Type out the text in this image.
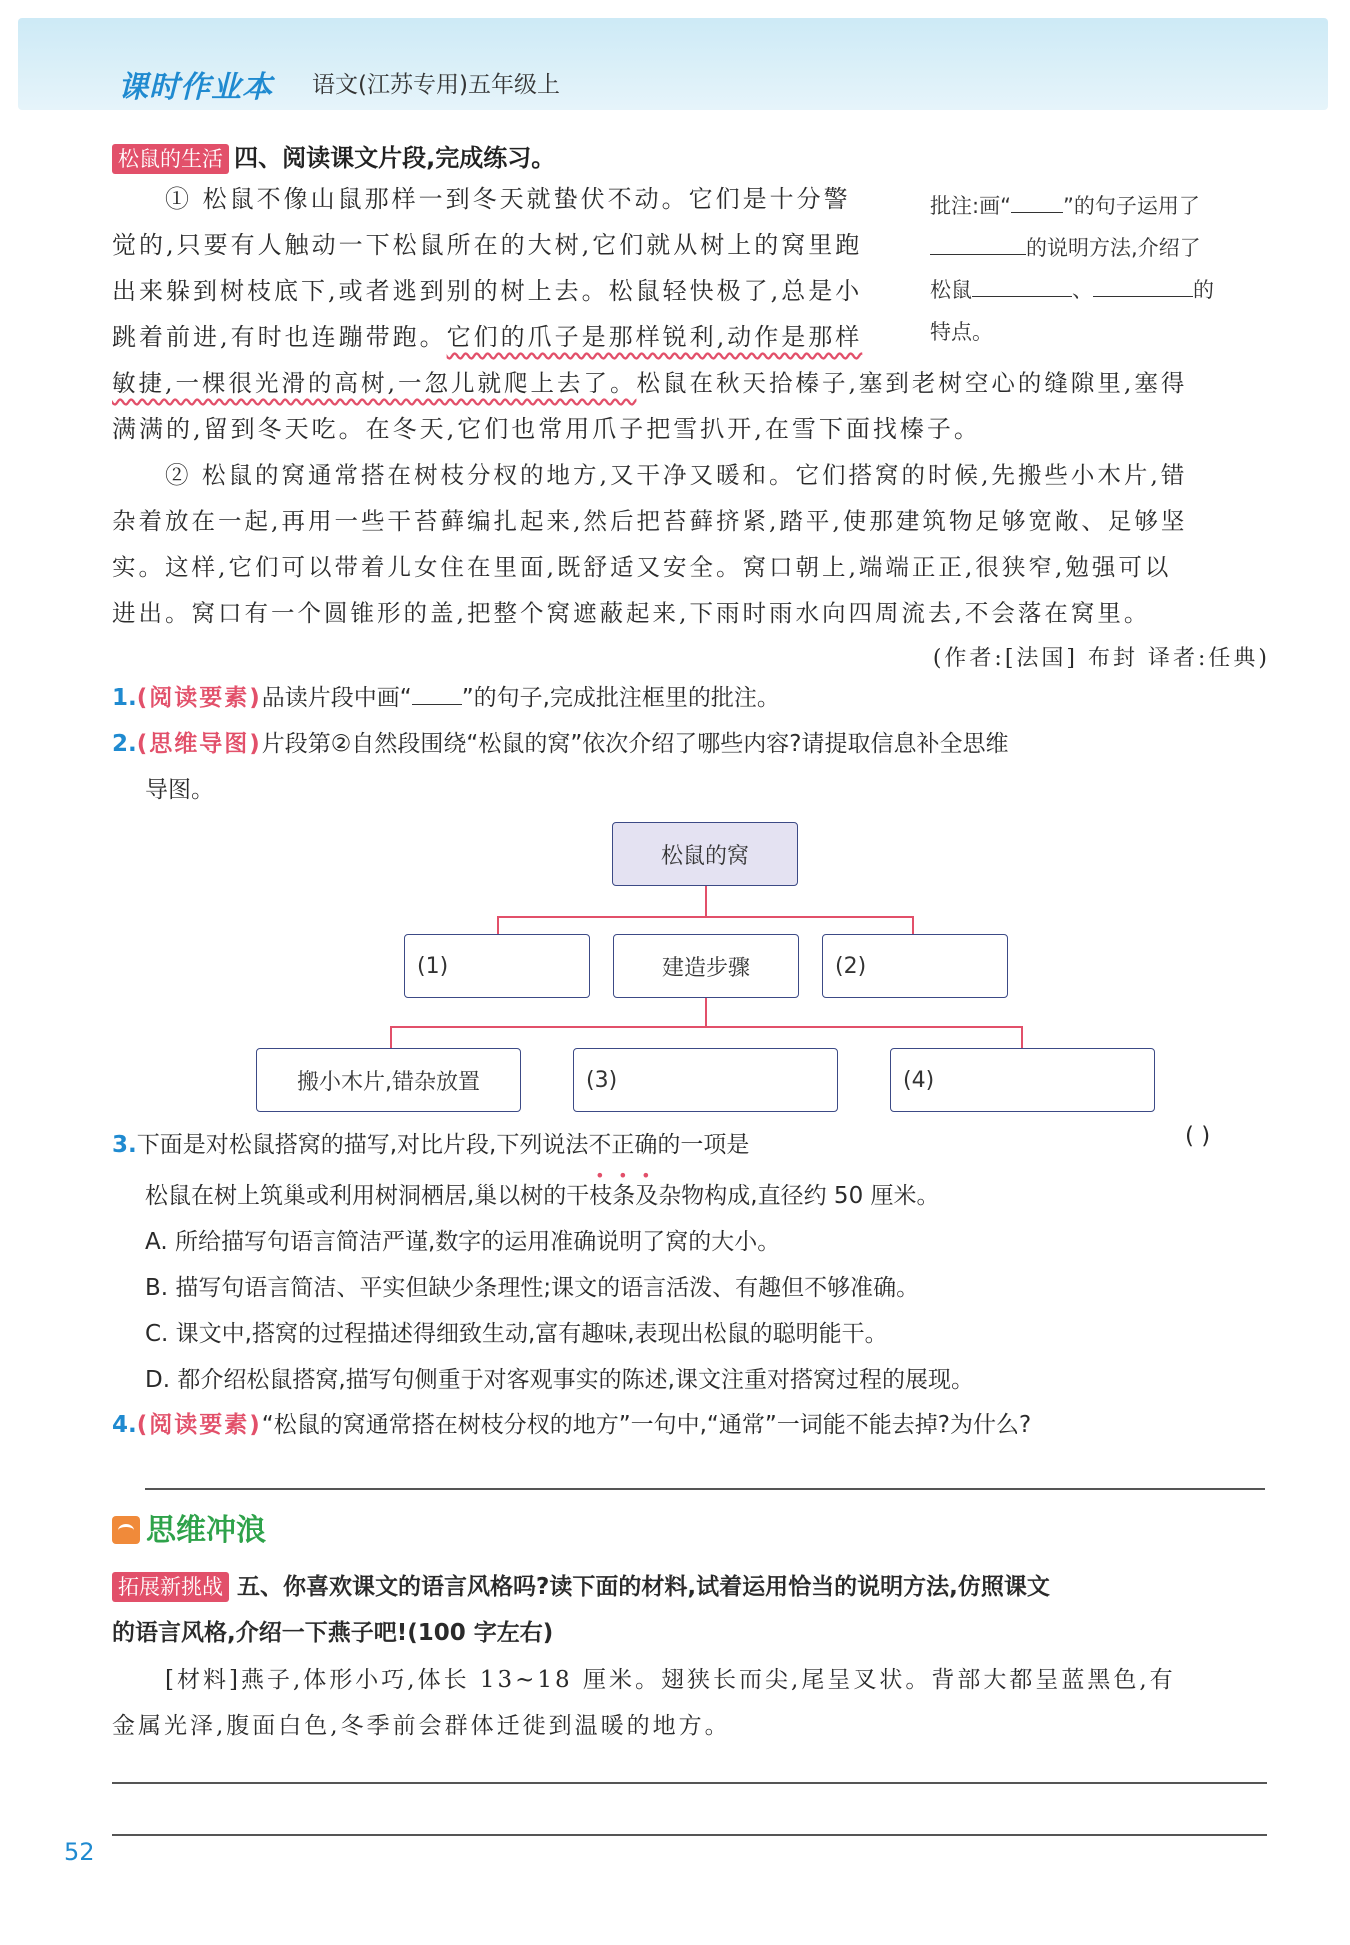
课时作业本 语文(江苏专用)五年级上
松鼠的生活 四、阅读课文片段,完成练习。
① 松鼠不像山鼠那样一到冬天就蛰伏不动。它们是十分警
觉的,只要有人触动一下松鼠所在的大树,它们就从树上的窝里跑
出来躲到树枝底下,或者逃到别的树上去。松鼠轻快极了,总是小
跳着前进,有时也连蹦带跑。它们的爪子是那样锐利,动作是那样
敏捷,一棵很光滑的高树,一忽儿就爬上去了。松鼠在秋天拾榛子,塞到老树空心的缝隙里,塞得
满满的,留到冬天吃。在冬天,它们也常用爪子把雪扒开,在雪下面找榛子。
② 松鼠的窝通常搭在树枝分杈的地方,又干净又暖和。它们搭窝的时候,先搬些小木片,错
杂着放在一起,再用一些干苔藓编扎起来,然后把苔藓挤紧,踏平,使那建筑物足够宽敞、足够坚
实。这样,它们可以带着儿女住在里面,既舒适又安全。窝口朝上,端端正正,很狭窄,勉强可以
进出。窝口有一个圆锥形的盖,把整个窝遮蔽起来,下雨时雨水向四周流去,不会落在窝里。
(作者:[法国] 布封 译者:任典)
批注:画“ ”的句子运用了
的说明方法,介绍了
松鼠	、	的
特点。
1.(阅读要素)品读片段中画“ ”的句子,完成批注框里的批注。
2.(思维导图)片段第②自然段围绕“松鼠的窝”依次介绍了哪些内容?请提取信息补全思维
导图。
松鼠的窝
(1)	建造步骤	(2)
搬小木片,错杂放置	(3)	(4)
3.下面是对松鼠搭窝的描写,对比片段,下列说法不正确的一项是	( )
松鼠在树上筑巢或利用树洞栖居,巢以树的干枝条及杂物构成,直径约 50 厘米。
A. 所给描写句语言简洁严谨,数字的运用准确说明了窝的大小。
B. 描写句语言简洁、平实但缺少条理性;课文的语言活泼、有趣但不够准确。
C. 课文中,搭窝的过程描述得细致生动,富有趣味,表现出松鼠的聪明能干。
D. 都介绍松鼠搭窝,描写句侧重于对客观事实的陈述,课文注重对搭窝过程的展现。
4.(阅读要素)“松鼠的窝通常搭在树枝分杈的地方”一句中,“通常”一词能不能去掉?为什么?
思维冲浪
拓展新挑战 五、你喜欢课文的语言风格吗?读下面的材料,试着运用恰当的说明方法,仿照课文
的语言风格,介绍一下燕子吧!(100 字左右)
[材料]燕子,体形小巧,体长 13~18 厘米。翅狭长而尖,尾呈叉状。背部大都呈蓝黑色,有
金属光泽,腹面白色,冬季前会群体迁徙到温暖的地方。
52
